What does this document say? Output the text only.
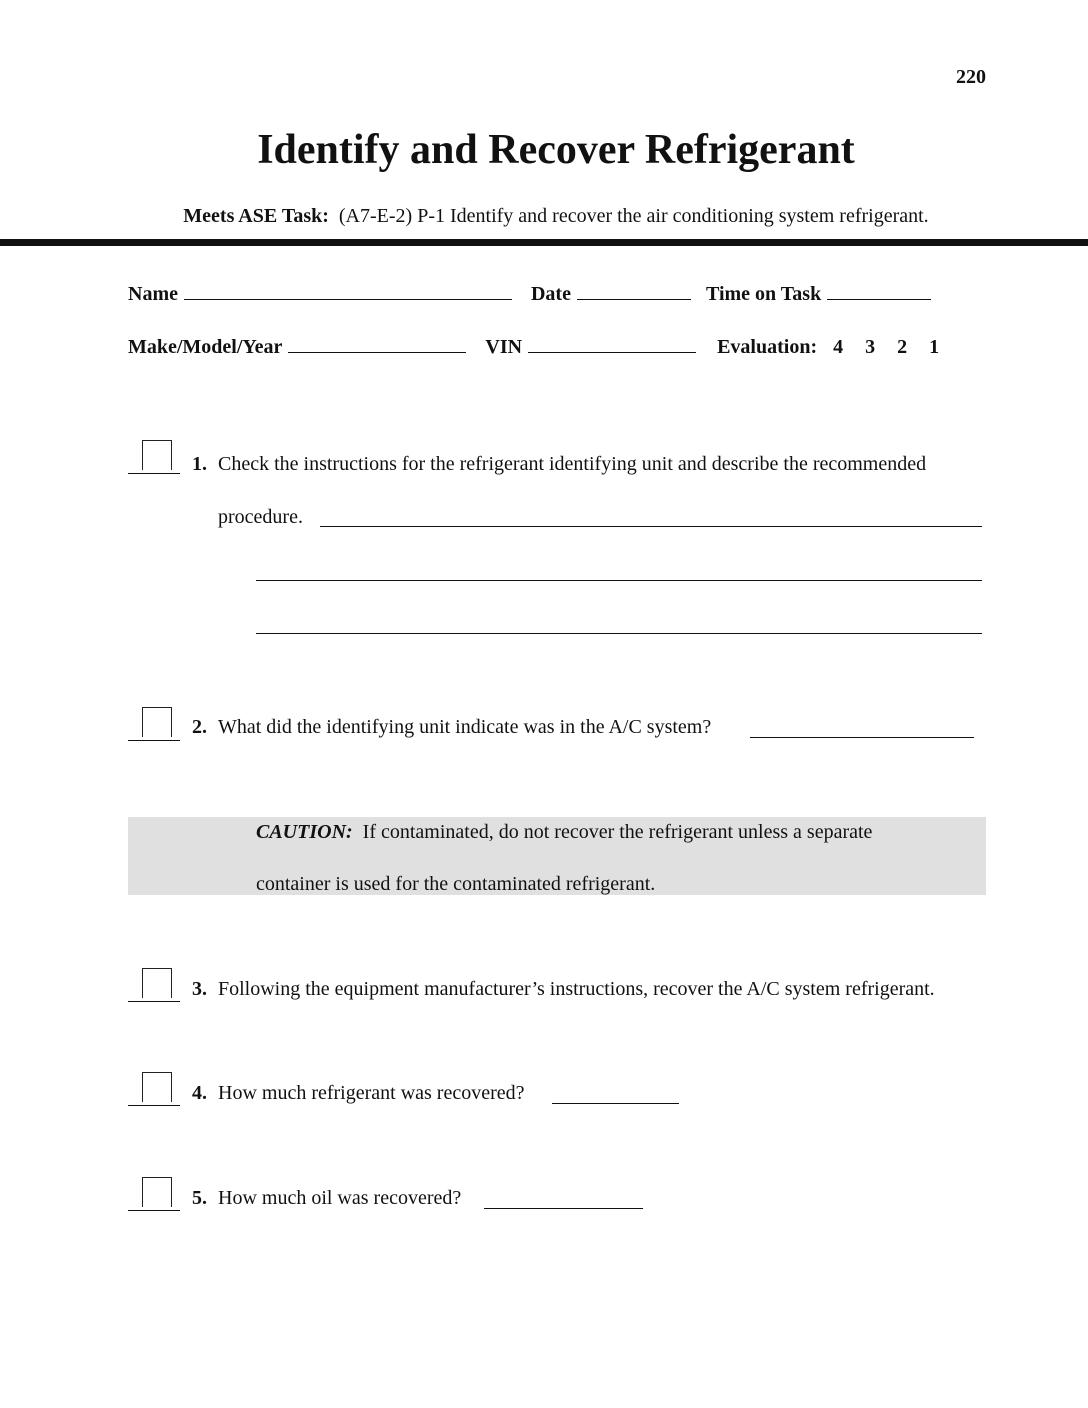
220
Identify and Recover Refrigerant
Meets ASE Task: (A7-E-2) P-1 Identify and recover the air conditioning system refrigerant.
Name	Date	Time on Task
Make/Model/Year	VIN	Evaluation: 4 3 2 1
1. Check the instructions for the refrigerant identifying unit and describe the recommended
procedure.
2. What did the identifying unit indicate was in the A/C system?
CAUTION: If contaminated, do not recover the refrigerant unless a separate
container is used for the contaminated refrigerant.
3. Following the equipment manufacturer’s instructions, recover the A/C system refrigerant.
4. How much refrigerant was recovered?
5. How much oil was recovered?
